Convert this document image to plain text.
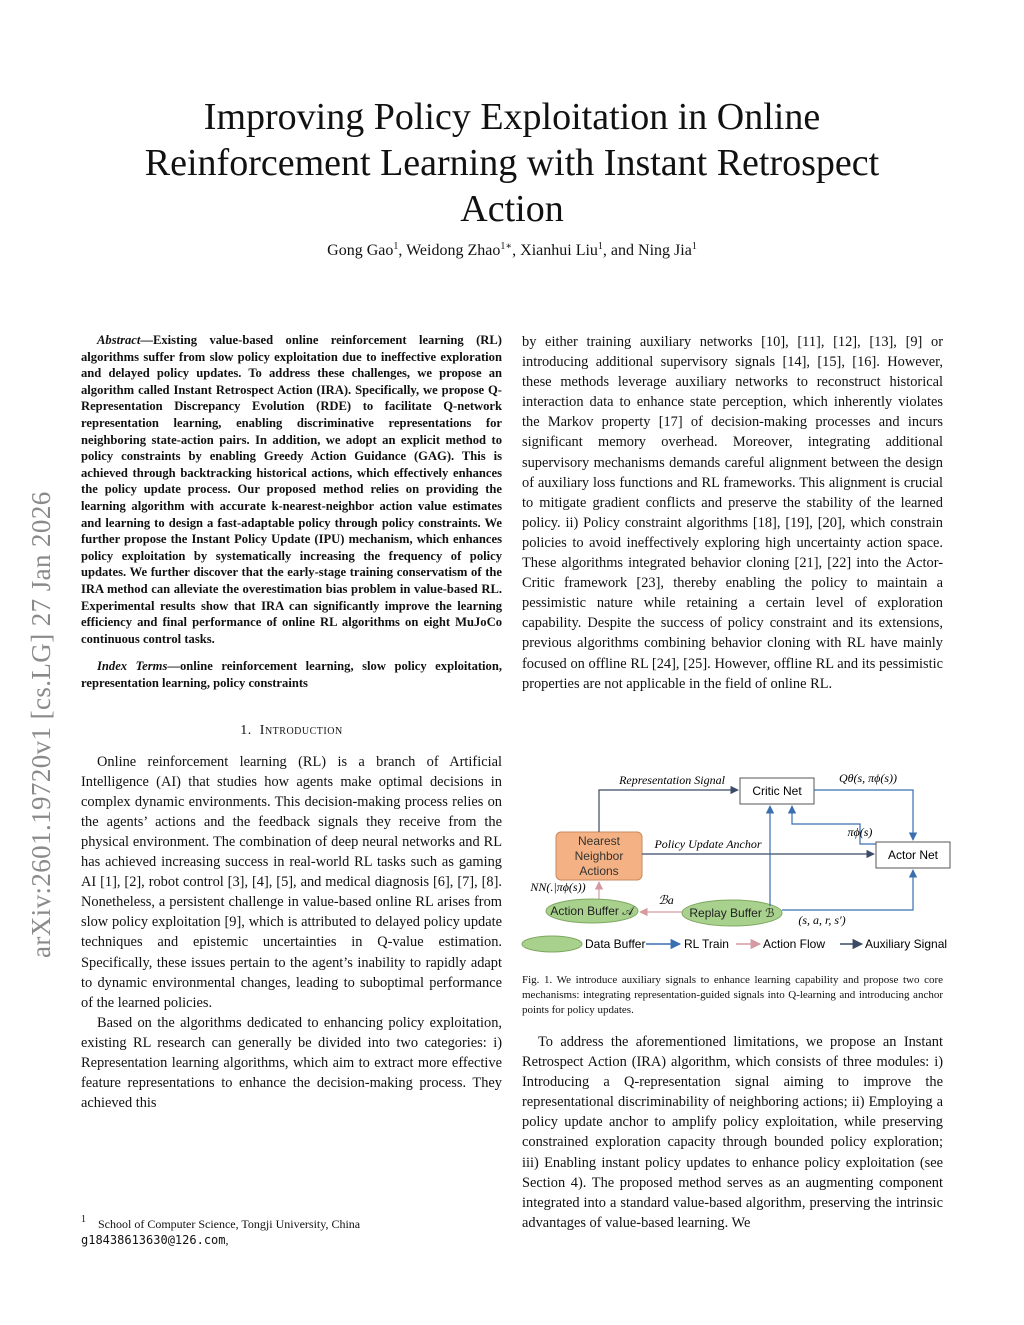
arXiv:2601.19720v1 [cs.LG] 27 Jan 2026
Improving Policy Exploitation in Online Reinforcement Learning with Instant Retrospect Action
Gong Gao$^1$, Weidong Zhao$^{1∗}$, Xianhui Liu$^1$, and Ning Jia$^1$

Abstract—Existing value-based online reinforcement learning (RL) algorithms suffer from slow policy exploitation due to ineffective exploration and delayed policy updates. To address these challenges, we propose an algorithm called Instant Retrospect Action (IRA). Specifically, we propose Q-Representation Discrepancy Evolution (RDE) to facilitate Q-network representation learning, enabling discriminative representations for neighboring state-action pairs. In addition, we adopt an explicit method to policy constraints by enabling Greedy Action Guidance (GAG). This is achieved through backtracking historical actions, which effectively enhances the policy update process. Our proposed method relies on providing the learning algorithm with accurate k-nearest-neighbor action value estimates and learning to design a fast-adaptable policy through policy constraints. We further propose the Instant Policy Update (IPU) mechanism, which enhances policy exploitation by systematically increasing the frequency of policy updates. We further discover that the early-stage training conservatism of the IRA method can alleviate the overestimation bias problem in value-based RL. Experimental results show that IRA can significantly improve the learning efficiency and final performance of online RL algorithms on eight MuJoCo continuous control tasks.

Index Terms—online reinforcement learning, slow policy exploitation, representation learning, policy constraints
1. Introduction

Online reinforcement learning (RL) is a branch of Artificial Intelligence (AI) that studies how agents make optimal decisions in complex dynamic environments. This decision-making process relies on the agents’ actions and the feedback signals they receive from the physical environment. The combination of deep neural networks and RL has achieved increasing success in real-world RL tasks such as gaming AI [1], [2], robot control [3], [4], [5], and medical diagnosis [6], [7], [8]. Nonetheless, a persistent challenge in value-based online RL arises from slow policy exploitation [9], which is attributed to delayed policy update techniques and epistemic uncertainties in Q-value estimation. Specifically, these issues pertain to the agent’s inability to rapidly adapt to dynamic environmental changes, leading to suboptimal performance of the learned policies.

Based on the algorithms dedicated to enhancing policy exploitation, existing RL research can generally be divided into two categories: i) Representation learning algorithms, which aim to extract more effective feature representations to enhance the decision-making process. They achieved this

$^1$ School of Computer Science, Tongji University, China
g18438613630@126.com,

by either training auxiliary networks [10], [11], [12], [13], [9] or introducing additional supervisory signals [14], [15], [16]. However, these methods leverage auxiliary networks to reconstruct historical interaction data to enhance state perception, which inherently violates the Markov property [17] of decision-making processes and incurs significant memory overhead. Moreover, integrating additional supervisory mechanisms demands careful alignment between the design of auxiliary loss functions and RL frameworks. This alignment is crucial to mitigate gradient conflicts and preserve the stability of the learned policy. ii) Policy constraint algorithms [18], [19], [20], which constrain policies to avoid ineffectively exploring high uncertainty action space. These algorithms integrated behavior cloning [21], [22] into the Actor-Critic framework [23], thereby enabling the policy to maintain a pessimistic nature while retaining a certain level of exploration capability. Despite the success of policy constraint and its extensions, previous algorithms combining behavior cloning with RL have mainly focused on offline RL [24], [25]. However, offline RL and its pessimistic properties are not applicable in the field of online RL.

Critic Net
Actor Net
Nearest
Neighbor
Actions
Action Buffer 𝒜	Replay Buffer ℬ
Representation Signal
Policy Update Anchor
Qθ(s, πϕ(s))
πϕ(s)
(s, a, r, s′)
ℬa
NN(.|πϕ(s))
Data Buffer	RL Train	Action Flow	Auxiliary Signal
Fig. 1. We introduce auxiliary signals to enhance learning capability and propose two core mechanisms: integrating representation-guided signals into Q-learning and introducing anchor points for policy updates.

To address the aforementioned limitations, we propose an Instant Retrospect Action (IRA) algorithm, which consists of three modules: i) Introducing a Q-representation signal aiming to improve the representational discriminability of neighboring actions; ii) Employing a policy update anchor to amplify policy exploitation, while preserving constrained exploration capacity through bounded policy exploration; iii) Enabling instant policy updates to enhance policy exploitation (see Section 4). The proposed method serves as an augmenting component integrated into a standard value-based algorithm, preserving the intrinsic advantages of value-based learning. We
